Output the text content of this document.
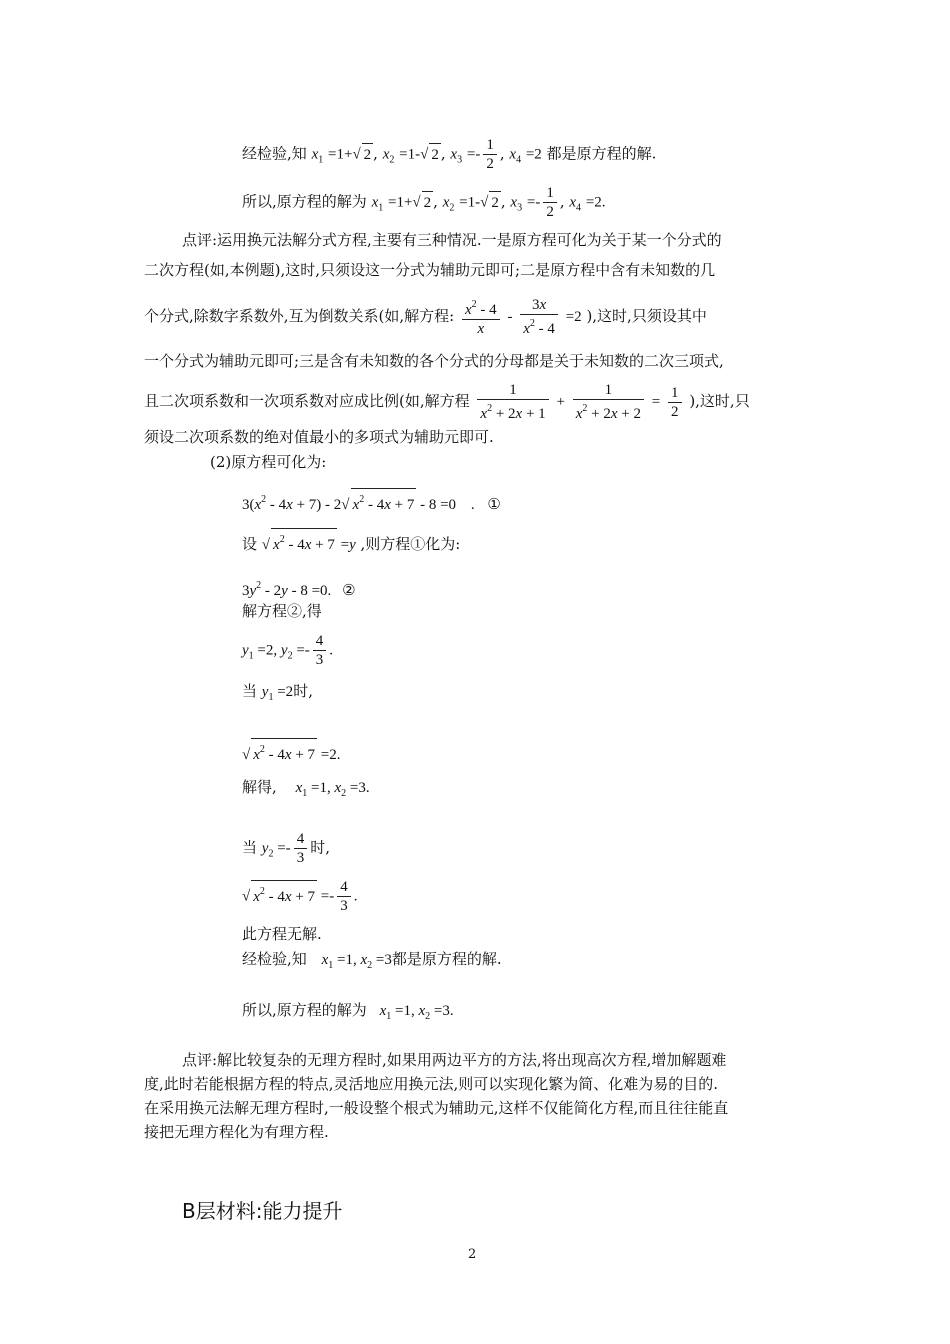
经检验,知 $x_1 =1+√$ 2 , $x_2 =1-√$ 2 , $x_3 =- \frac{1}{2}$ , $x_4 =2$ 都是原方程的解.
所以,原方程的解为 $x_1 =1+√$ 2 , $x_2 =1-√$ 2 , $x_3 =- \frac{1}{2}$ , $x_4 =2$.
点评:运用换元法解分式方程,主要有三种情况.一是原方程可化为关于某一个分式的
二次方程(如,本例题),这时,只须设这一分式为辅助元即可;二是原方程中含有未知数的几
个分式,除数字系数外,互为倒数关系(如,解方程: $\frac{x^2 - 4}{x} - \frac{3x}{x^2 - 4} =2$ ),这时,只须设其中
一个分式为辅助元即可;三是含有未知数的各个分式的分母都是关于未知数的二次三项式,
且二次项系数和一次项系数对应成比例(如,解方程 $\frac{1}{x^2 + 2x + 1} + \frac{1}{x^2 + 2x + 2} = \frac{1}{2}$ ),这时,只
须设二次项系数的绝对值最小的多项式为辅助元即可.
(2)原方程可化为:
$3(x^2 - 4x + 7) - 2√$ $x^2 - 4x + 7 - 8 =0$ . ①
设 √ $x^2 - 4x + 7 =y$ ,则方程①化为:
$3y^2 - 2y - 8 =0$. ②
解方程②,得
$y_1 =2$, $y_2 =- \frac{4}{3}$ .
当 $y_1 =2$时,
√ $x^2 - 4x + 7 =2$.
解得, $x_1 =1$, $x_2 =3$.
当 $y_2 =- \frac{4}{3}$ 时,
√ $x^2 - 4x + 7 =- \frac{4}{3}$ .
此方程无解.
经检验,知 $x_1 =1$, $x_2 =3$都是原方程的解.
所以,原方程的解为 $x_1 =1$, $x_2 =3$.
点评:解比较复杂的无理方程时,如果用两边平方的方法,将出现高次方程,增加解题难
度,此时若能根据方程的特点,灵活地应用换元法,则可以实现化繁为简、化难为易的目的.
在采用换元法解无理方程时,一般设整个根式为辅助元,这样不仅能简化方程,而且往往能直
接把无理方程化为有理方程.
B层材料:能力提升
2
